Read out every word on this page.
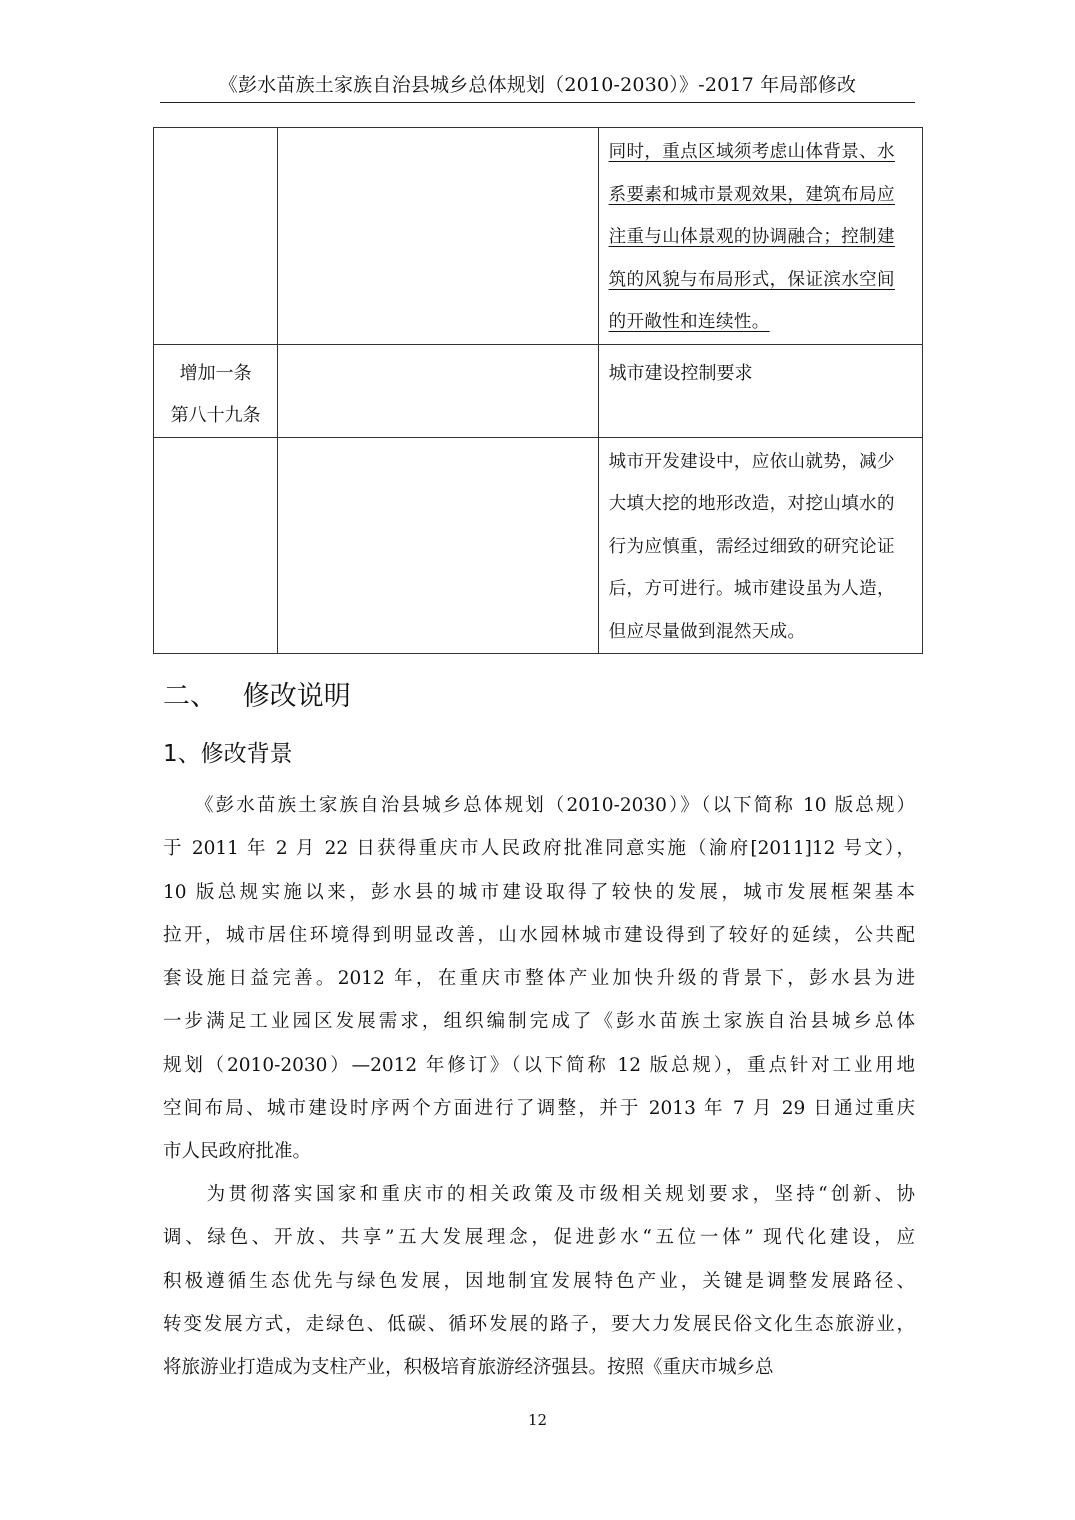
《彭水苗族土家族自治县城乡总体规划（2010-2030）》-2017 年局部修改

		同时，重点区域须考虑山体背景、水
系要素和城市景观效果，建筑布局应
注重与山体景观的协调融合；控制建
筑的风貌与布局形式，保证滨水空间
的开敞性和连续性。

增加一条
第八十九条		城市建设控制要求

		城市开发建设中，应依山就势，减少
大填大挖的地形改造，对挖山填水的
行为应慎重，需经过细致的研究论证
后，方可进行。城市建设虽为人造，
但应尽量做到混然天成。
二、   修改说明
1、修改背景
　　《彭水苗族土家族自治县城乡总体规划（2010-2030）》（以下简称 10 版总规）
于 2011 年 2 月 22 日获得重庆市人民政府批准同意实施（渝府[2011]12 号文），
10 版总规实施以来，彭水县的城市建设取得了较快的发展，城市发展框架基本
拉开，城市居住环境得到明显改善，山水园林城市建设得到了较好的延续，公共配
套设施日益完善。2012 年，在重庆市整体产业加快升级的背景下，彭水县为进
一步满足工业园区发展需求，组织编制完成了《彭水苗族土家族自治县城乡总体
规划（2010-2030）—2012 年修订》（以下简称 12 版总规），重点针对工业用地
空间布局、城市建设时序两个方面进行了调整，并于 2013 年 7 月 29 日通过重庆
市人民政府批准。
　　为贯彻落实国家和重庆市的相关政策及市级相关规划要求，坚持“创新、协
调、绿色、开放、共享”五大发展理念，促进彭水“五位一体” 现代化建设，应
积极遵循生态优先与绿色发展，因地制宜发展特色产业，关键是调整发展路径、
转变发展方式，走绿色、低碳、循环发展的路子，要大力发展民俗文化生态旅游业，
将旅游业打造成为支柱产业，积极培育旅游经济强县。按照《重庆市城乡总
12
